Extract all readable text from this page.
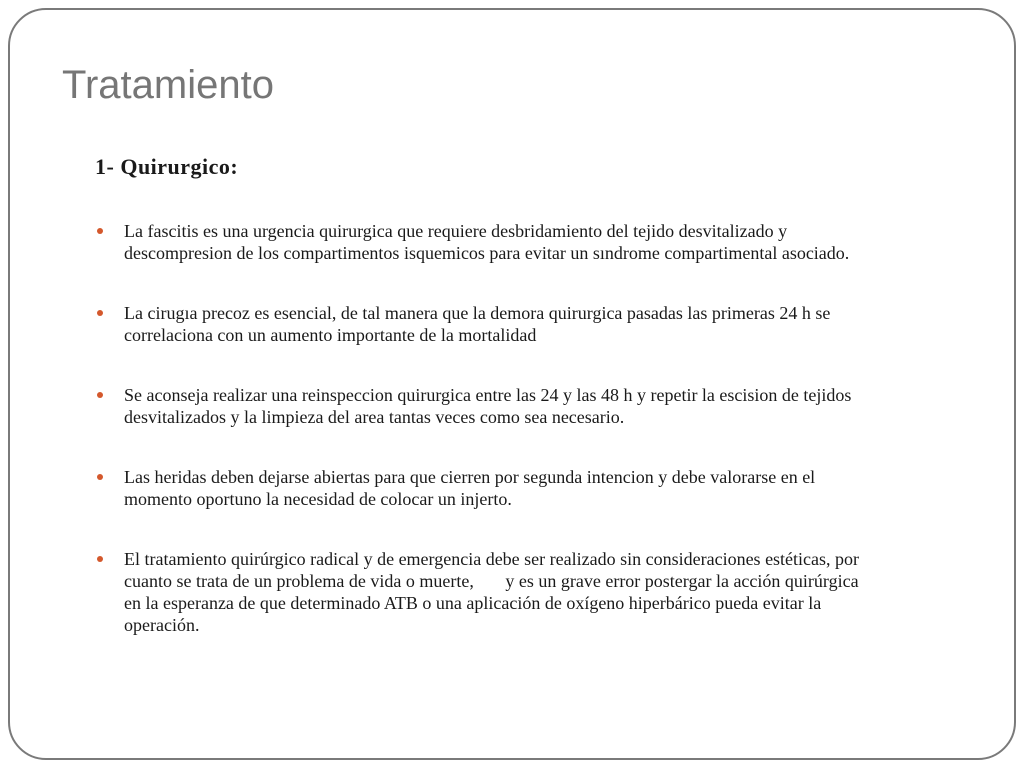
Tratamiento
1- Quirurgico:
La fascitis es una urgencia quirurgica que requiere desbridamiento del tejido desvitalizado y
descompresion de los compartimentos isquemicos para evitar un sındrome compartimental asociado.
La cirugıa precoz es esencial, de tal manera que la demora quirurgica pasadas las primeras 24 h se
correlaciona con un aumento importante de la mortalidad
Se aconseja realizar una reinspeccion quirurgica entre las 24 y las 48 h y repetir la escision de tejidos
desvitalizados y la limpieza del area tantas veces como sea necesario.
Las heridas deben dejarse abiertas para que cierren por segunda intencion y debe valorarse en el
momento oportuno la necesidad de colocar un injerto.
El tratamiento quirúrgico radical y de emergencia debe ser realizado sin consideraciones estéticas, por
cuanto se trata de un problema de vida o muerte,       y es un grave error postergar la acción quirúrgica
en la esperanza de que determinado ATB o una aplicación de oxígeno hiperbárico pueda evitar la
operación.
